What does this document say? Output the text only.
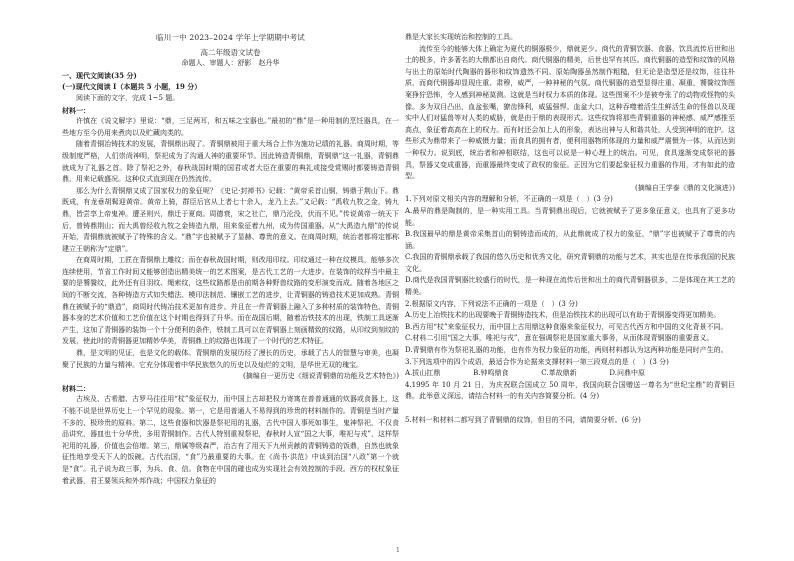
临川一中 2023–2024 学年上学期期中考试
高二年级语文试卷
命题人、审题人：舒影　赵丹华
一、现代文阅读(35 分)
(一)现代文阅读 I（本题共 5 小题，19 分）

阅读下面的文字，完成 1~5 题。

材料一：

许慎在《说文解字》里说：“鼎，三足两耳，和五味之宝器也。”最初的“鼎”是一种用制的烹饪器具，在一些地方至今仍用来煮肉以及贮藏肉类的。

随着青铜冶铸技术的发展，青铜鼎出现了。青铜鼎被用于重大场合上作为施功记绩的礼器。商周时期，等级制度严格，人们崇尚神明，祭祀成为了沟通人神的重要环节。因此铸造青铜鼎，青铜鼎“这一礼器，青铜鼎就成为了礼器之首。除了祭祀之外，春秋战国时期的国君或者大臣在重要的典礼或接受赏赐时都要铸造青铜鼎，用来记载盛况。这种仪式直到现在仍然流传。

那么为什么青铜鼎又成了国家权力的象征呢？《史记·封禅书》记载：“黄帝采首山铜，铸鼎于荆山下。鼎既成，有龙垂胡髯迎黄帝。黄帝上骑，群臣后宫从上者七十余人，龙乃上去。”又记载：“禹收九牧之金，铸九鼎，皆尝享上帝鬼神。遭圣则兴，鼎迁于夏商。周德衰，宋之社亡，鼎乃沦没，伏而不见。”传说黄帝一统天下后，曾铸鼎荆山；而大禹曾经收九牧之金铸造九鼎，用来象征着九州，成为传国重器。从“大禹造九鼎”的传说开始，青铜鼎就被赋予了特殊的含义。“鼎”字也被赋予了显赫、尊贵的意义。在商周时期，统治者都将定都称建立王朝称为“定鼎”。

在商周时期，工匠在青铜鼎上雕纹；而在春秋战国时期，则改用印纹。印纹通过一种在纹模具，能够多次连续使用，节省工作时间又能够创造出精美统一的艺术图案，是古代工艺的一大进步。在装饰的纹样当中最主要的是饕餮纹，此外还有目羽纹、绳索纹，这些纹路都是由前期各种野兽纹路的变形演变而成。随着各地区之间的不断交流，各种铸造方式如失蜡法、模印法制范、镶嵌工艺的进步，让青铜器的铸造技术更加成熟。青铜鼎在被赋予的“鼎造”，商周时代铸冶技术更加有进步。并且在一件青铜器上融入了多种材质的装饰特色，青铜器本身的艺术价值和工艺价值在这个时期也得到了升华。而在战国后期，随着冶铁技术的出现，铁制工具逐渐产生，这加了青铜器的装饰一个十分便利的条件，铁制工具可以在青铜器上刻画精致的纹路，从印纹到刻纹的发展，使此时的青铜器更加精妙华美，青铜鼎上的纹路也体现了一个时代的艺术特征。

鼎，是文明的见证，也是文化的载体。青铜鼎的发展历经了漫长的历史，承载了古人的智慧与审美，也凝聚了民族的力量与精神。它充分体现着中华民族悠久的历史以及灿烂的文明，是华世无双的瑰宝。

(摘编自一更历史《细说青铜鼎的功能及艺术特色》)
材料二：

古埃及、古希腊、古罗马往往用“杖”象征权力，而中国上古却把权力寄寓在普普通通的炊器或食器上，这不能不说是世界历史上一个罕见的现象。第一，它是用普通人不易得到的珍贵的材料制作的。青铜是当时产量不多的、极珍贵的原料。第二，这些食器和饮器是祭祀用的礼器，古代中国人事死如事生，鬼神祭祀，不仅食品讲究，器皿也十分华贵，多用青铜制作。古代人特别重视祭祀，春秋时人宣“国之大事，唯祀与戎”，这样祭祀用的礼器，价值也会倍增。第三，鼎属等级森严，治古有了用天下九州贡献的青铜铸造的饭鼎，自然也就象征性地享受天下人的饭碗。古代治国，“食”乃最重要的大事。在《尚书·洪范》中谈到治国“八政”第一个就是“食”。孔子说为政三事，为兵、食、信。食物在中国的確也成为实现社会有效控制的手段。西方的权杖象征着武器，君王要领兵和外邦作战；中国权力象征的

鼎是大家长实现统治和控制的工具。

流传至今的能够大体上确定为夏代的铜器极少，鼎就更少。商代的青铜饮器、食器、饮具流传后世和出土的极多，许多著名的大鼎都出自商代。商代铜器的精美，后世也罕有其匹。商代铜器的造型和纹饰的风格与出土的原始时代陶器的器形和纹饰遗然不同。原始陶器虽然制作粗糙，但无论是造型还是纹饰，往往朴质，而商代铜器却显现庄重、肃穆，威严，一种神秘的气氛。商代铜器的造型显得庄重、凝重，饕餮纹饰图案狰狞恐怖，令人感到神秘莫测。这就是当时权力本质的体现。这些图案不少是被夸张了的动物或怪物的头像。多为双目凸出，血盆张嘴，獠齿锋利，威猛强悍。血盆大口，这种吞噬着活生生鲜活生命的怪兽以及现实中人们对猛兽等对人类的威胁，就是由于鼎的表现形式。这些纹饰将那些青铜重器的神秘感、威严感推至高点，象征着高高在上的权力。而有时还会加上人的形象，表达出神与人和谐共处，人受到神明的庇护。这些形式为鼎带来了一种威慑力量；而食具的拥有者，便利用器物所体现的力量和威严震慑为一体，从而达到一种权力。说到底，统治者和神相联结，这也可以说是一种心理上的统治。可见，食具遂渐变成祭祀的器具，祭器又变成重器，而重器最终变成了政权的象征。正因为它们要起象征权力重器的作用，才有如此的造型。

(摘编自王学泰《鼎的文化演进》)

1.下列对原文相关内容的理解和分析，不正确的一项是（　）(3 分)

A.最早的鼎是陶制的，是一种实用工具。当青铜鼎出现后，它就被赋予了更多象征意义，也具有了更多功能。

B.我国最早的鼎是黄帝采集首山的铜铸造而成的，从此鼎就成了权力的象征，“鼎”字也被赋予了尊贵的内涵。

C.我国的青铜鼎承载了我国的悠久历史和优秀文化，研究青铜鼎的功能与艺术，其实也是在传承我国的民族文化。

D.商代是我国青铜器比较盛行的时代，是一种现在流传后世和出土的商代青铜器很多，二是体现在其工艺的精美。

2.根据原文内容，下列说法不正确的一项是（　）(3 分)

A.历史上冶铁技术的出现要晚于青铜铸造技术，但是冶铁技术的出现可以有助于青铜器变得更加精美。

B.西方用“杖”来象征权力，而中国上古用鼎这种食器来象征权力，可见古代西方和中国的文化背景不同。

C.材料二引用“国之大事，唯祀与戎”，意在强调祭祀是国家重大事务，从而体现青铜器的重要意义。

D.青铜鼎有作为祭祀礼器的功能，也有作为权力象征的功能，两则材料都认为这两种功能是同时产生的。

3.下列选项中的四个成语，最适合作为论据来支撑材料一第三段观点的是（　）(3 分)

A.拔山扛鼎	B.钟鸣鼎食	C.革故鼎新	D.问鼎中原

4.1995 年 10 月 21 日，为庆祝联合国成立 50 周年，我国向联合国赠送一尊名为“世纪宝鼎”的青铜巨鼎。此举意义深远，请结合材料一的有关内容简要分析。(4 分)

5.材料一和材料二都写到了青铜鼎的纹饰，但目的不同，请简要分析。(6 分)

1
